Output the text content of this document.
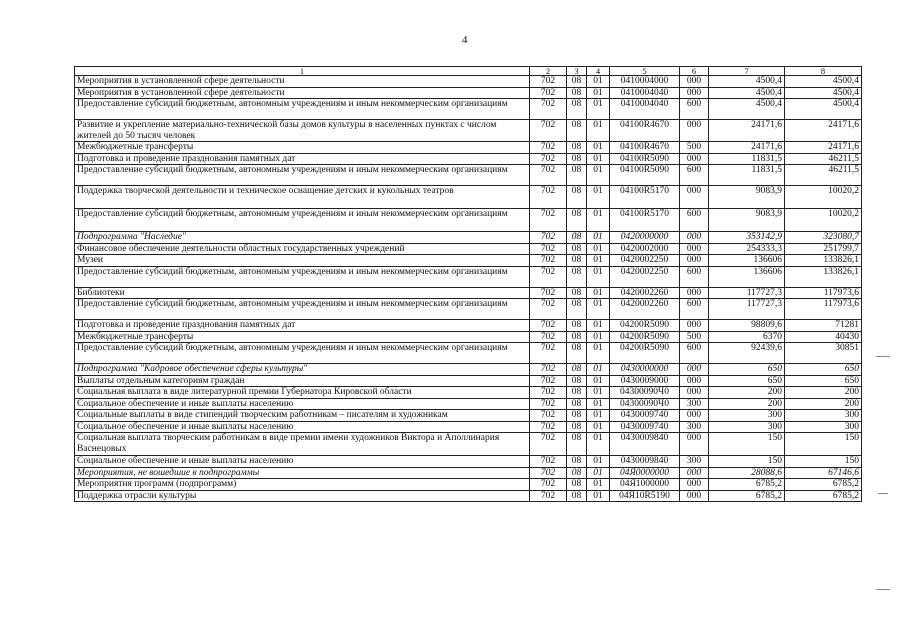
4
1	2	3	4	5	6	7	8
Мероприятия в установленной сфере деятельности	702	08	01	0410004000	000	4500,4	4500,4
Мероприятия в установленной сфере деятельности	702	08	01	0410004040	000	4500,4	4500,4
Предоставление субсидий бюджетным, автономным учреждениям и иным некоммерческим организациям	702	08	01	0410004040	600	4500,4	4500,4
Развитие и укрепление материально-технической базы домов культуры в населенных пунктах с числом жителей до 50 тысяч человек	702	08	01	04100R4670	000	24171,6	24171,6
Межбюджетные трансферты	702	08	01	04100R4670	500	24171,6	24171,6
Подготовка и проведение празднования памятных дат	702	08	01	04100R5090	000	11831,5	46211,5
Предоставление субсидий бюджетным, автономным учреждениям и иным некоммерческим организациям	702	08	01	04100R5090	600	11831,5	46211,5
Поддержка творческой деятельности и техническое оснащение детских и кукольных театров	702	08	01	04100R5170	000	9083,9	10020,2
Предоставление субсидий бюджетным, автономным учреждениям и иным некоммерческим организациям	702	08	01	04100R5170	600	9083,9	10020,2
Подпрограмма "Наследие"	702	08	01	0420000000	000	353142,9	323080,7
Финансовое обеспечение деятельности областных государственных учреждений	702	08	01	0420002000	000	254333,3	251799,7
Музеи	702	08	01	0420002250	000	136606	133826,1
Предоставление субсидий бюджетным, автономным учреждениям и иным некоммерческим организациям	702	08	01	0420002250	600	136606	133826,1
Библиотеки	702	08	01	0420002260	000	117727,3	117973,6
Предоставление субсидий бюджетным, автономным учреждениям и иным некоммерческим организациям	702	08	01	0420002260	600	117727,3	117973,6
Подготовка и проведение празднования памятных дат	702	08	01	04200R5090	000	98809,6	71281
Межбюджетные трансферты	702	08	01	04200R5090	500	6370	40430
Предоставление субсидий бюджетным, автономным учреждениям и иным некоммерческим организациям	702	08	01	04200R5090	600	92439,6	30851
Подпрограмма "Кадровое обеспечение сферы культуры"	702	08	01	0430000000	000	650	650
Выплаты отдельным категориям граждан	702	08	01	0430009000	000	650	650
Социальная выплата в виде литературной премии Губернатора Кировской области	702	08	01	04300090Ч0	000	200	200
Социальное обеспечение и иные выплаты населению	702	08	01	04300090Ч0	300	200	200
Социальные выплаты в виде стипендий творческим работникам – писателям и художникам	702	08	01	0430009740	000	300	300
Социальное обеспечение и иные выплаты населению	702	08	01	0430009740	300	300	300
Социальная выплата творческим работникам в виде премии имени художников Виктора и Аполлинария Васнецовых	702	08	01	0430009840	000	150	150
Социальное обеспечение и иные выплаты населению	702	08	01	0430009840	300	150	150
Мероприятия, не вошедшие в подпрограммы	702	08	01	04Я0000000	000	28088,6	67146,6
Мероприятия программ (подпрограмм)	702	08	01	04Я1000000	000	6785,2	6785,2
Поддержка отрасли культуры	702	08	01	04Я10R5190	000	6785,2	6785,2
